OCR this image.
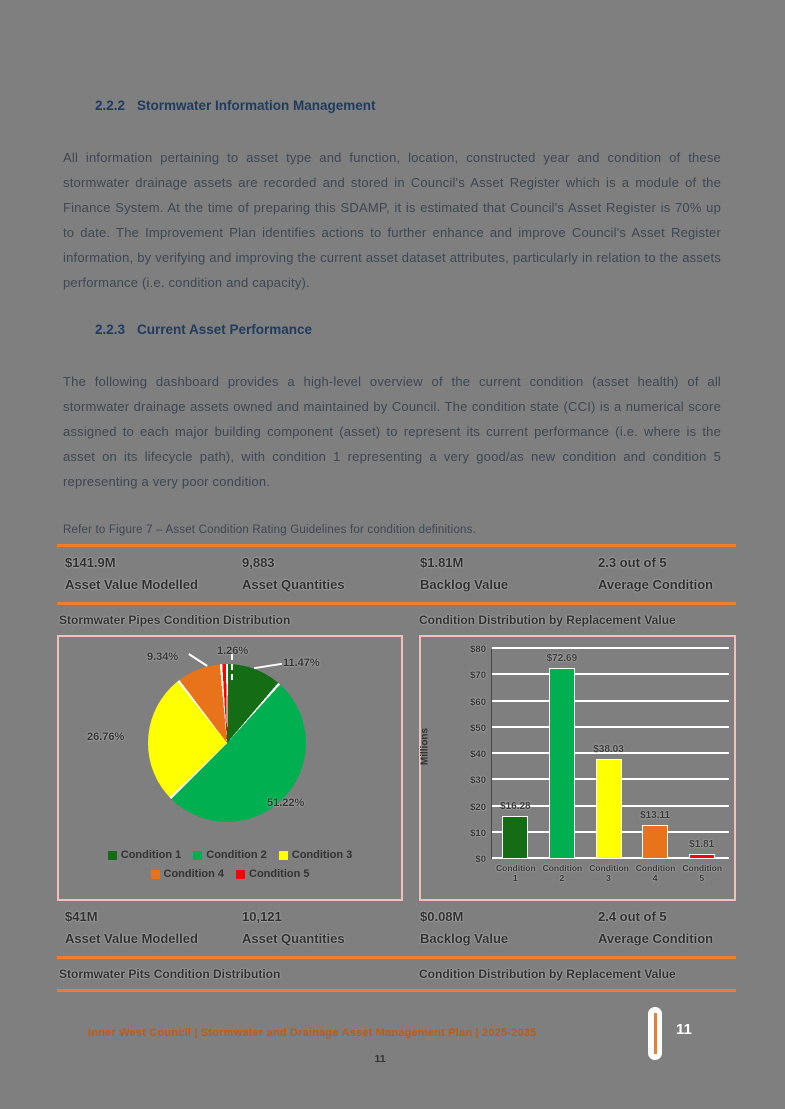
2.2.2 Stormwater Information Management

All information pertaining to asset type and function, location, constructed year and condition of these stormwater drainage assets are recorded and stored in Council's Asset Register which is a module of the Finance System. At the time of preparing this SDAMP, it is estimated that Council's Asset Register is 70% up to date. The Improvement Plan identifies actions to further enhance and improve Council's Asset Register information, by verifying and improving the current asset dataset attributes, particularly in relation to the assets performance (i.e. condition and capacity).

2.2.3 Current Asset Performance

The following dashboard provides a high-level overview of the current condition (asset health) of all stormwater drainage assets owned and maintained by Council. The condition state (CCI) is a numerical score assigned to each major building component (asset) to represent its current performance (i.e. where is the asset on its lifecycle path), with condition 1 representing a very good/as new condition and condition 5 representing a very poor condition.

Refer to Figure 7 – Asset Condition Rating Guidelines for condition definitions.

$141.9M
Asset Value Modelled
9,883
Asset Quantities
$1.81M
Backlog Value
2.3 out of 5
Average Condition
Stormwater Pipes Condition Distribution	Condition Distribution by Replacement Value
Condition 1 Condition 2 Condition 3
Condition 4 Condition 5
11.47%
51.22%
26.76%
9.34%	1.26%
Millions
$0
$10
$20
$30
$40
$50
$60
$70
$80
$16.28
Condition 1
$72.69
Condition 2
$38.03
Condition 3
$13.11
Condition 4
$1.81
Condition 5
$41M
Asset Value Modelled
10,121
Asset Quantities
$0.08M
Backlog Value
2.4 out of 5
Average Condition
Stormwater Pits Condition Distribution	Condition Distribution by Replacement Value
Inner West Council | Stormwater and Drainage Asset Management Plan | 2025-2035
11
11
